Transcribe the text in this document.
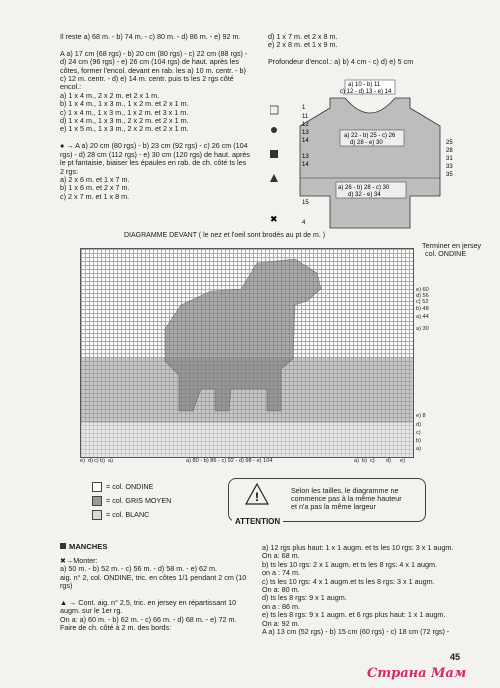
Il reste a) 68 m. - b) 74 m. - c) 80 m. - d) 86 m. - e) 92 m.

A a) 17 cm (68 rgs) - b) 20 cm (80 rgs) - c) 22 cm (88 rgs) -
d) 24 cm (96 rgs) - e) 26 cm (104 rgs) de haut. après les
côtes, former l'encol. devant en rab. les a) 10 m. centr. - b)
c) 12 m. centr. - d) e) 14 m. centr. puis ts les 2 rgs côté
encol.:
a) 1 x 4 m., 2 x 2 m. et 2 x 1 m.
b) 1 x 4 m., 1 x 3 m., 1 x 2 m. et 2 x 1 m.
c) 1 x 4 m., 1 x 3 m., 1 x 2 m. et 3 x 1 m.
d) 1 x 4 m., 1 x 3 m., 2 x 2 m. et 2 x 1 m.
e) 1 x 5 m., 1 x 3 m., 2 x 2 m. et 2 x 1 m.

● → A a) 20 cm (80 rgs) - b) 23 cm (92 rgs) - c) 26 cm (104
rgs) - d) 28 cm (112 rgs) - e) 30 cm (120 rgs) de haut. après
le pt fantaisie, biaiser les épaules en rab. de ch. côté ts les
2 rgs:
a) 2 x 6 m. et 1 x 7 m.
b) 1 x 6 m. et 2 x 7 m.
c) 2 x 7 m. et 1 x 8 m.
d) 1 x 7 m. et 2 x 8 m.
e) 2 x 8 m. et 1 x 9 m.

Profondeur d'encol.: a) b) 4 cm - c) d) e) 5 cm
✖
a) 10 - b) 11
c) 12 - d) 13 - e) 14
a) 22 - b) 25 - c) 26
d) 28 - e) 30
a) 26 - b) 28 - c) 30
d) 32 - e) 34
1
11
12
13
14
13
14
15
4
25
28
31
33
35
DIAGRAMME DEVANT ( le nez et l'oeil sont brodés au pt de m. )
Terminer en jersey
col. ONDINE
e) 60
d) 56
c) 52
b) 48
a) 44
a) 30
e) 8
d)
c)
b)
a)
e) d) c) b) a)	a) 80 - b) 86 - c) 92 - d) 98 - e) 104	a) b) c) d) e)
= col. ONDINE
= col. GRIS MOYEN
= col. BLANC
!	Selon les tailles, le diagramme ne
commence pas à la même hauteur
et n'a pas la même largeur
ATTENTION
MANCHES
✖→Monter:
a) 50 m. - b) 52 m. - c) 56 m. - d) 58 m. - e) 62 m.
aig. n° 2, col. ONDINE, tric. en côtes 1/1 pendant 2 cm (10
rgs)

▲ → Cont. aig. n° 2,5, tric. en jersey en répartissant 10
augm. sur le 1er rg.
On a: a) 60 m. - b) 62 m. - c) 66 m. - d) 68 m. - e) 72 m.
Faire de ch. côté à 2 m. des bords:
a) 12 rgs plus haut: 1 x 1 augm. et ts les 10 rgs: 3 x 1 augm.
On a: 68 m.
b) ts les 10 rgs: 2 x 1 augm. et ts les 8 rgs: 4 x 1 augm.
on a : 74 m.
c) ts les 10 rgs: 4 x 1 augm.et ts les 8 rgs: 3 x 1 augm.
On a: 80 m.
d) ts les 8 rgs: 9 x 1 augm.
on a : 86 m.
e) ts les 8 rgs: 9 x 1 augm. et 6 rgs plus haut: 1 x 1 augm.
On a: 92 m.
A a) 13 cm (52 rgs) - b) 15 cm (60 rgs) - c) 18 cm (72 rgs) -
45
Страна Мам
